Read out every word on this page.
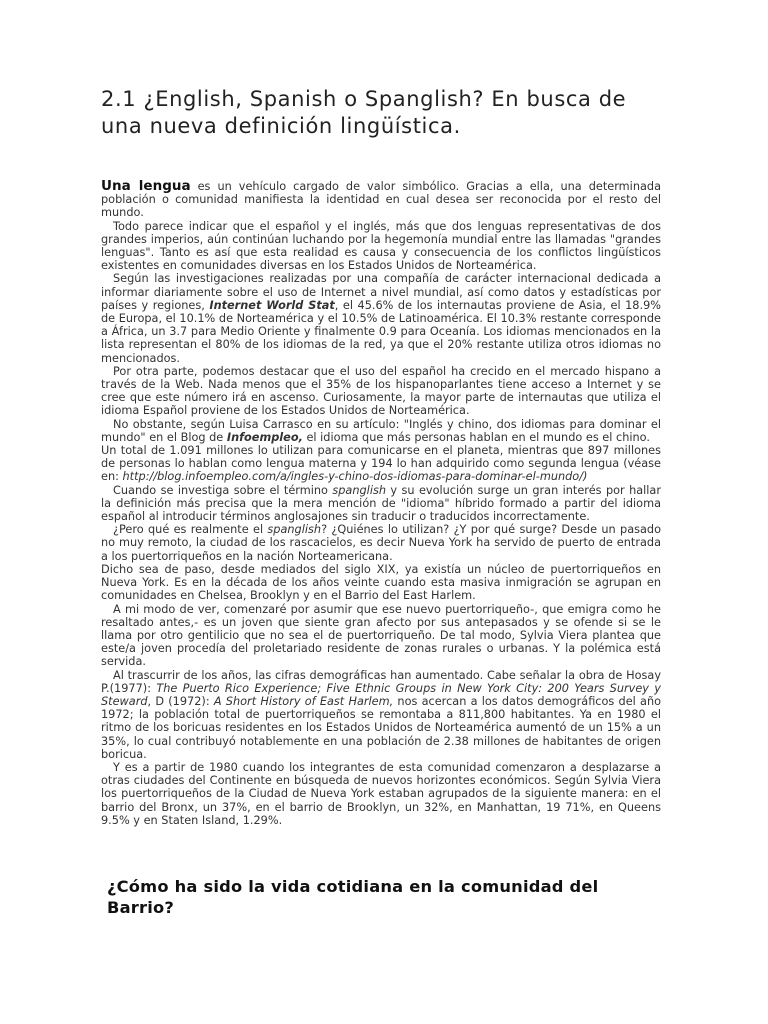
2.1 ¿English, Spanish o Spanglish? En busca de una nueva definición lingüística.

Una lengua es un vehículo cargado de valor simbólico. Gracias a ella, una determinada población o comunidad manifiesta la identidad en cual desea ser reconocida por el resto del mundo.

Todo parece indicar que el español y el inglés, más que dos lenguas representativas de dos grandes imperios, aún continúan luchando por la hegemonía mundial entre las llamadas "grandes lenguas". Tanto es así que esta realidad es causa y consecuencia de los conflictos lingüísticos existentes en comunidades diversas en los Estados Unidos de Norteamérica.

Según las investigaciones realizadas por una compañía de carácter internacional dedicada a informar diariamente sobre el uso de Internet a nivel mundial, así como datos y estadísticas por países y regiones, Internet World Stat, el 45.6% de los internautas proviene de Asia, el 18.9% de Europa, el 10.1% de Norteamérica y el 10.5% de Latinoamérica. El 10.3% restante corresponde a África, un 3.7 para Medio Oriente y finalmente 0.9 para Oceanía. Los idiomas mencionados en la lista representan el 80% de los idiomas de la red, ya que el 20% restante utiliza otros idiomas no mencionados.

Por otra parte, podemos destacar que el uso del español ha crecido en el mercado hispano a través de la Web. Nada menos que el 35% de los hispanoparlantes tiene acceso a Internet y se cree que este número irá en ascenso. Curiosamente, la mayor parte de internautas que utiliza el idioma Español proviene de los Estados Unidos de Norteamérica.

No obstante, según Luisa Carrasco en su artículo: "Inglés y chino, dos idiomas para dominar el mundo" en el Blog de Infoempleo, el idioma que más personas hablan en el mundo es el chino.

Un total de 1.091 millones lo utilizan para comunicarse en el planeta, mientras que 897 millones de personas lo hablan como lengua materna y 194 lo han adquirido como segunda lengua (véase en: http://blog.infoempleo.com/a/ingles-y-chino-dos-idiomas-para-dominar-el-mundo/)

Cuando se investiga sobre el término spanglish y su evolución surge un gran interés por hallar la definición más precisa que la mera mención de "idioma" híbrido formado a partir del idioma español al introducir términos anglosajones sin traducir o traducidos incorrectamente.

¿Pero qué es realmente el spanglish? ¿Quiénes lo utilizan? ¿Y por qué surge? Desde un pasado no muy remoto, la ciudad de los rascacielos, es decir Nueva York ha servido de puerto de entrada a los puertorriqueños en la nación Norteamericana.

Dicho sea de paso, desde mediados del siglo XIX, ya existía un núcleo de puertorriqueños en Nueva York. Es en la década de los años veinte cuando esta masiva inmigración se agrupan en comunidades en Chelsea, Brooklyn y en el Barrio del East Harlem.

A mi modo de ver, comenzaré por asumir que ese nuevo puertorriqueño-, que emigra como he resaltado antes,- es un joven que siente gran afecto por sus antepasados y se ofende si se le llama por otro gentilicio que no sea el de puertorriqueño. De tal modo, Sylvia Viera plantea que este/a joven procedía del proletariado residente de zonas rurales o urbanas. Y la polémica está servida.

Al trascurrir de los años, las cifras demográficas han aumentado. Cabe señalar la obra de Hosay P.(1977): The Puerto Rico Experience; Five Ethnic Groups in New York City: 200 Years Survey y Steward, D (1972): A Short History of East Harlem, nos acercan a los datos demográficos del año 1972; la población total de puertorriqueños se remontaba a 811,800 habitantes. Ya en 1980 el ritmo de los boricuas residentes en los Estados Unidos de Norteamérica aumentó de un 15% a un 35%, lo cual contribuyó notablemente en una población de 2.38 millones de habitantes de origen boricua.

Y es a partir de 1980 cuando los integrantes de esta comunidad comenzaron a desplazarse a otras ciudades del Continente en búsqueda de nuevos horizontes económicos. Según Sylvia Viera los puertorriqueños de la Ciudad de Nueva York estaban agrupados de la siguiente manera: en el barrio del Bronx, un 37%, en el barrio de Brooklyn, un 32%, en Manhattan, 19 71%, en Queens 9.5% y en Staten Island, 1.29%.

¿Cómo ha sido la vida cotidiana en la comunidad del Barrio?
